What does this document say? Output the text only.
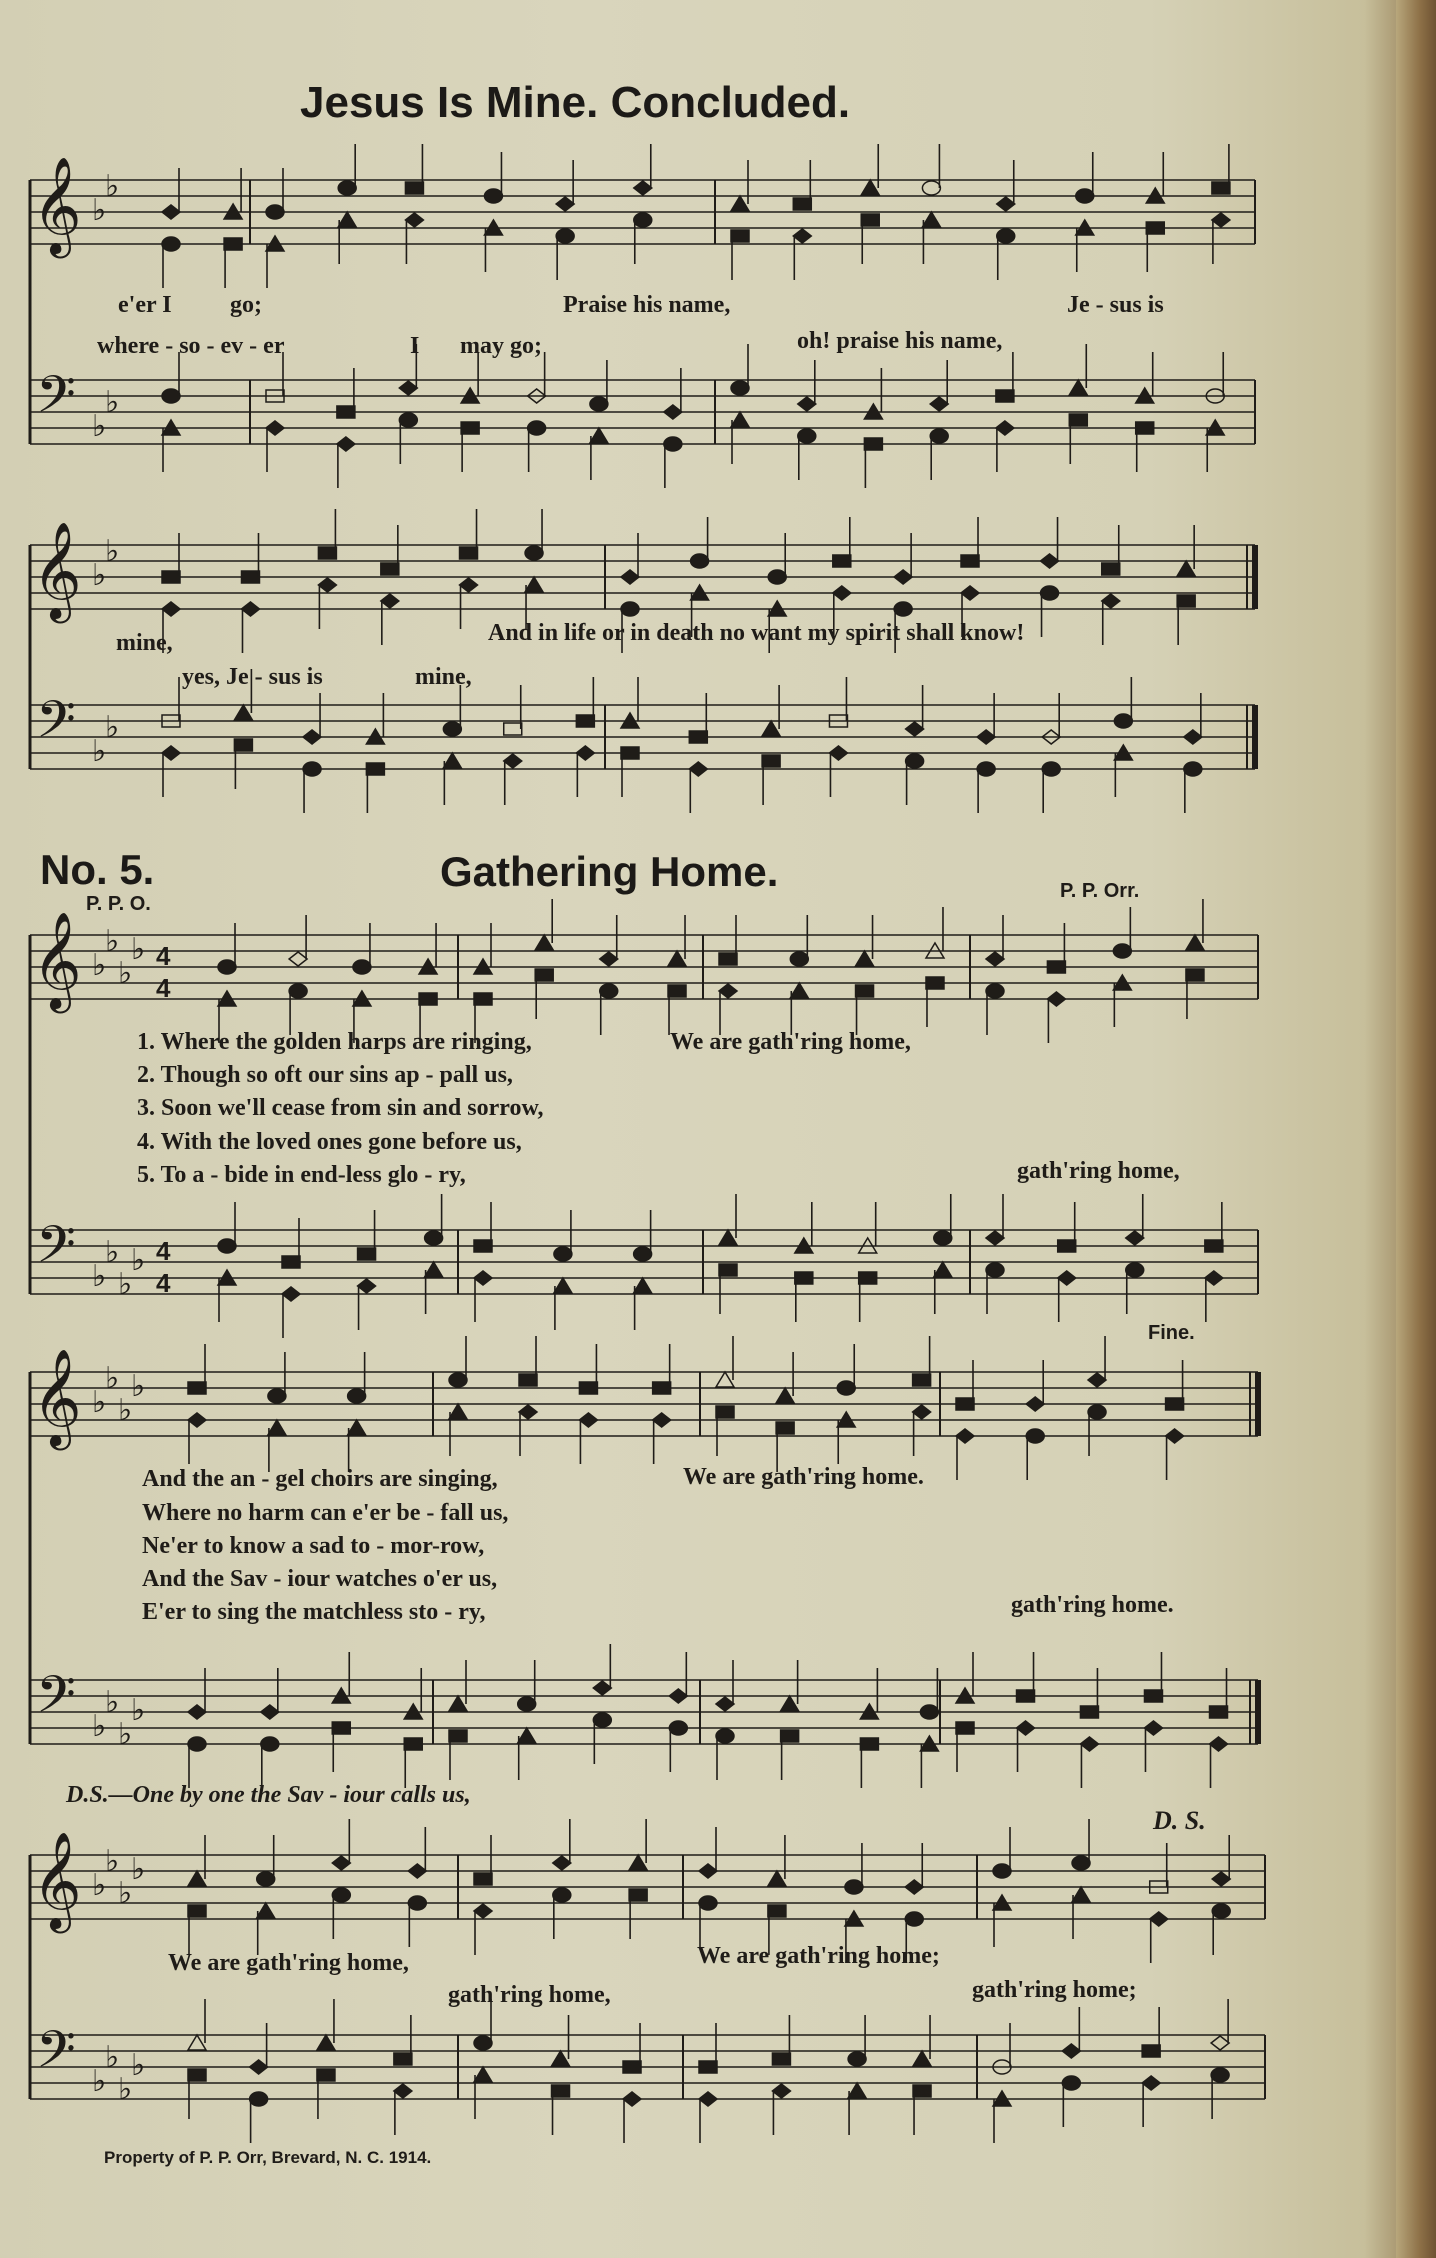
𝄞
𝄢
♭
♭
♭
♭
𝄞
𝄢
♭
♭
♭
♭
𝄞
𝄢
♭
♭
♭
♭
♭
♭
♭
♭
4
4
4
4
𝄞
𝄢
♭
♭
♭
♭
♭
♭
♭
♭
𝄞
𝄢
♭
♭
♭
♭
♭
♭
♭
♭
Jesus Is Mine. Concluded.
e'er I go;	Praise his name,	Je - sus is
where - so - ev - er	I may go;	oh! praise his name,
mine,	And in life or in death no want my spirit shall know!
yes, Je - sus is	mine,
No. 5.	Gathering Home.
P. P. O.
P. P. Orr.
1. Where the golden harps are ringing,
2. Though so oft our sins ap - pall us,
3. Soon we'll cease from sin and sorrow,
4. With the loved ones gone before us,
5. To a - bide in end-less glo - ry,
We are gath'ring home,
gath'ring home,
Fine.
And the an - gel choirs are singing,
Where no harm can e'er be - fall us,
Ne'er to know a sad to - mor-row,
And the Sav - iour watches o'er us,
E'er to sing the matchless sto - ry,
We are gath'ring home.
gath'ring home.
D.S.—One by one the Sav - iour calls us,
D. S.
We are gath'ring home,	We are gath'ring home;
gath'ring home,	gath'ring home;
Property of P. P. Orr, Brevard, N. C. 1914.
